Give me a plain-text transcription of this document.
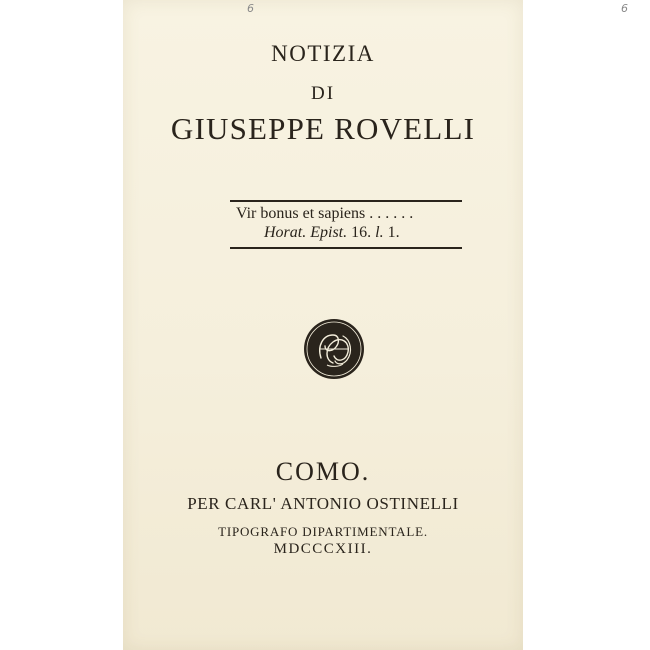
6	6
NOTIZIA
DI
GIUSEPPE ROVELLI
Vir bonus et sapiens . . . . . .
Horat. Epist. 16. l. 1.
COMO.
PER CARL' ANTONIO OSTINELLI
TIPOGRAFO DIPARTIMENTALE.
MDCCCXIII.
